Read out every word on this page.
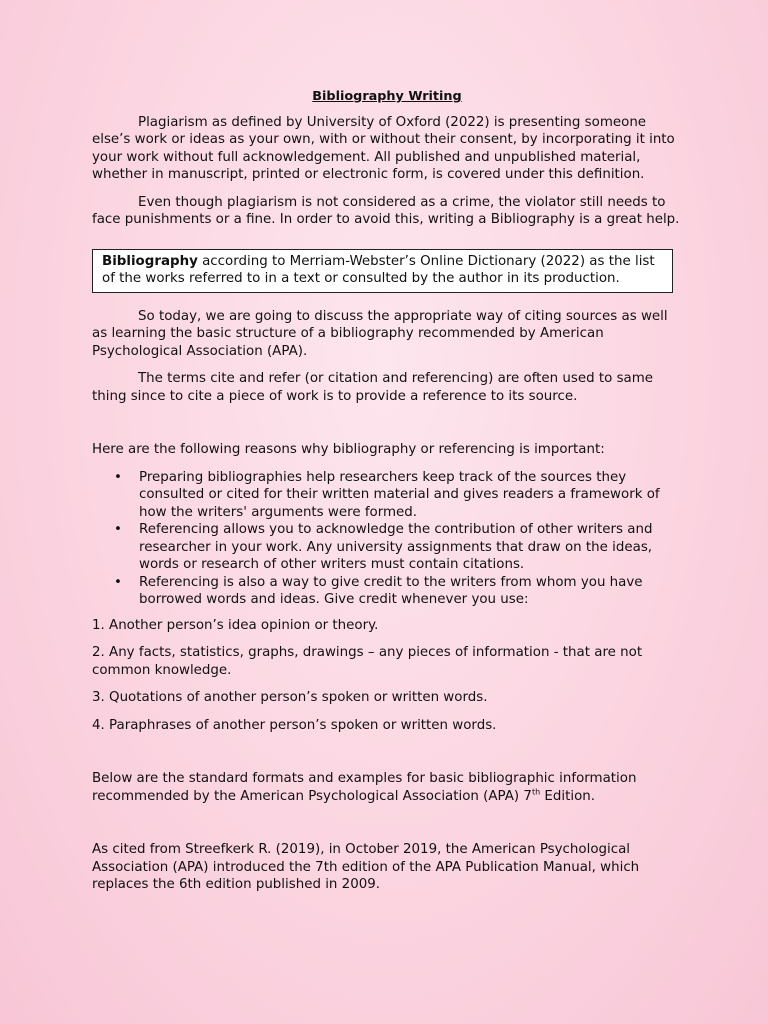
Bibliography Writing

Plagiarism as defined by University of Oxford (2022) is presenting someone else’s work or ideas as your own, with or without their consent, by incorporating it into your work without full acknowledgement. All published and unpublished material, whether in manuscript, printed or electronic form, is covered under this definition.

Even though plagiarism is not considered as a crime, the violator still needs to face punishments or a fine. In order to avoid this, writing a Bibliography is a great help.

Bibliography according to Merriam-Webster’s Online Dictionary (2022) as the list of the works referred to in a text or consulted by the author in its production.

So today, we are going to discuss the appropriate way of citing sources as well as learning the basic structure of a bibliography recommended by American Psychological Association (APA).

The terms cite and refer (or citation and referencing) are often used to same thing since to cite a piece of work is to provide a reference to its source.

Here are the following reasons why bibliography or referencing is important:

• Preparing bibliographies help researchers keep track of the sources they consulted or cited for their written material and gives readers a framework of how the writers' arguments were formed.
• Referencing allows you to acknowledge the contribution of other writers and researcher in your work. Any university assignments that draw on the ideas, words or research of other writers must contain citations.
• Referencing is also a way to give credit to the writers from whom you have borrowed words and ideas. Give credit whenever you use:

1. Another person’s idea opinion or theory.

2. Any facts, statistics, graphs, drawings – any pieces of information - that are not common knowledge.

3. Quotations of another person’s spoken or written words.

4. Paraphrases of another person’s spoken or written words.

Below are the standard formats and examples for basic bibliographic information recommended by the American Psychological Association (APA) 7th Edition.

As cited from Streefkerk R. (2019), in October 2019, the American Psychological Association (APA) introduced the 7th edition of the APA Publication Manual, which replaces the 6th edition published in 2009.
